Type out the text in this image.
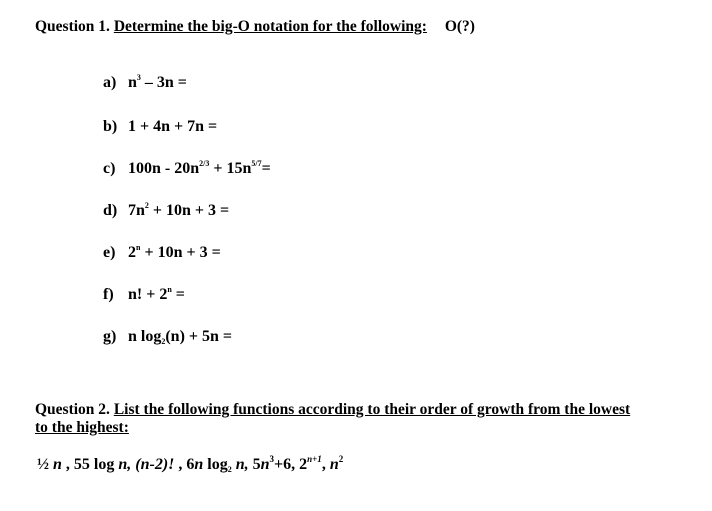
Question 1. Determine the big-O notation for the following: O(?)
a) $n^3 - 3n$ =
b) 1 + 4n + 7n =
c) $100n - 20n^{2/3} + 15n^{5/7}=$
d) $7n^2 + 10n + 3$ =
e) $2^n + 10n + 3$ =
f) n! + $2^n$ =
g) n $\log_2(n) + 5n$ =
Question 2. List the following functions according to their order of growth from the lowest
to the highest:
½ n , 55 log n, (n-2)! , 6n $\log_2 n$, $5n^3+6$, $2^{n+1}$, $n^2$
